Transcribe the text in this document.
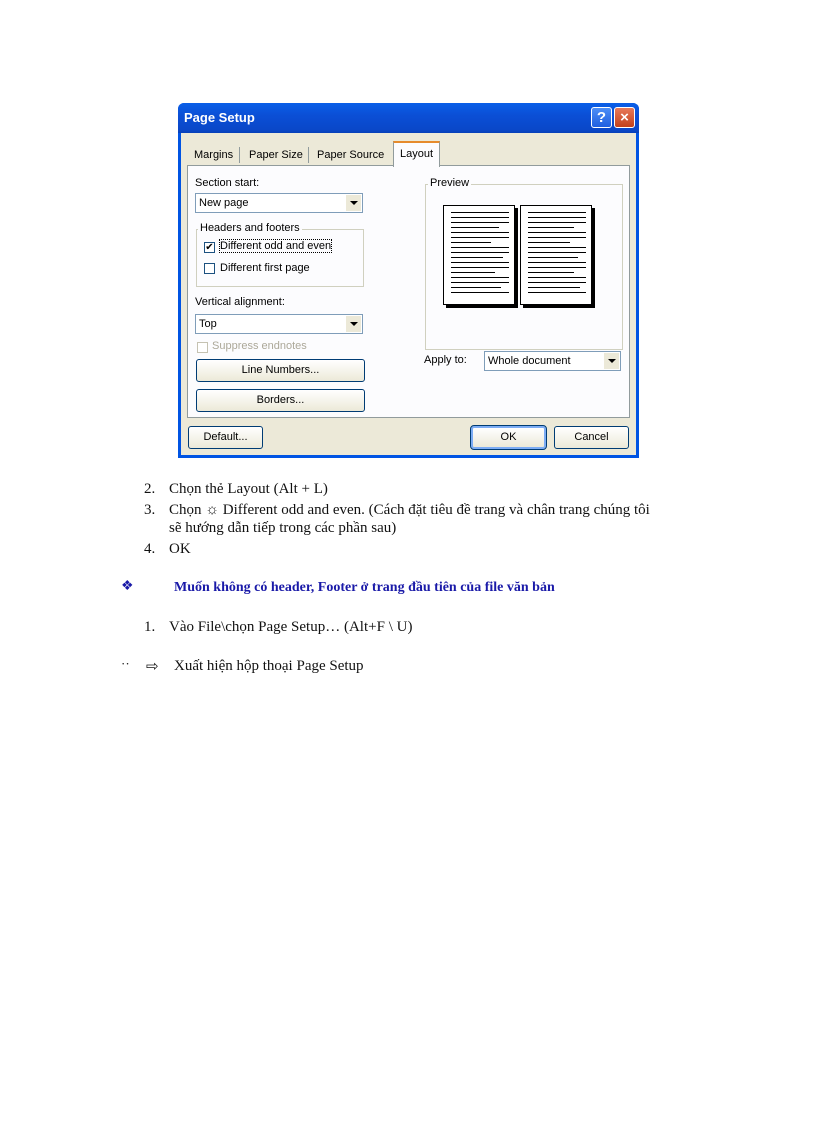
Page Setup	? ×
Margins Paper Size Paper Source	Layout
Section start:
New page
Headers and footers
✔ Different odd and even
Different first page
Vertical alignment:
Top
Suppress endnotes
Line Numbers...
Borders...
Preview
Apply to: Whole document
Default...	OK	Cancel
2. Chọn thẻ Layout (Alt + L)
3. Chọn ☼ Different odd and even. (Cách đặt tiêu đề trang và chân trang chúng tôi
sẽ hướng dẫn tiếp trong các phần sau)
4. OK
❖	Muốn không có header, Footer ở trang đầu tiên của file văn bản
1. Vào File\chọn Page Setup… (Alt+F \ U)
·· ⇨ Xuất hiện hộp thoại Page Setup
